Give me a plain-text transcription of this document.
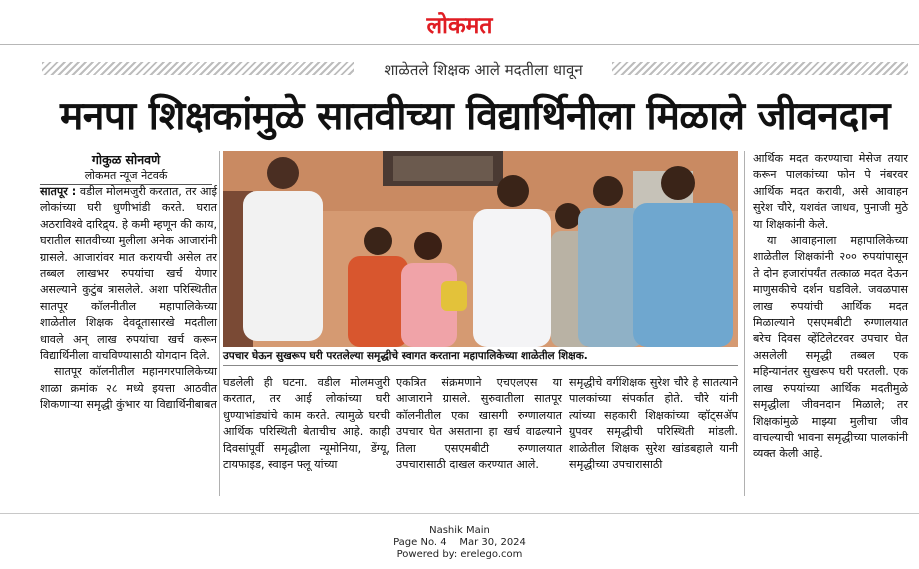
लोकमत
शाळेतले शिक्षक आले मदतीला धावून
मनपा शिक्षकांमुळे सातवीच्या विद्यार्थिनीला मिळाले जीवनदान
गोकुळ सोनवणे
लोकमत न्यूज नेटवर्क

सातपूर : वडील मोलमजुरी करतात, तर आई लोकांच्या घरी धुणीभांडी करते. घरात अठराविश्वे दारिद्र्य. हे कमी म्हणून की काय, घरातील सातवीच्या मुलीला अनेक आजारांनी ग्रासले. आजारांवर मात करायची असेल तर तब्बल लाखभर रुपयांचा खर्च येणार असल्याने कुटुंब त्रासलेले. अशा परिस्थितीत सातपूर कॉलनीतील महापालिकेच्या शाळेतील शिक्षक देवदूतासारखे मदतीला धावले अन् लाख रुपयांचा खर्च करून विद्यार्थिनीला वाचविण्यासाठी योगदान दिले.

सातपूर कॉलनीतील महानगरपालिकेच्या शाळा क्रमांक २८ मध्ये इयत्ता आठवीत शिकणाऱ्या समृद्धी कुंभार या विद्यार्थिनीबाबत

उपचार घेऊन सुखरूप घरी परतलेल्या समृद्धीचे स्वागत करताना महापालिकेच्या शाळेतील शिक्षक.

घडलेली ही घटना. वडील मोलमजुरी करतात, तर आई लोकांच्या घरी धुण्याभांड्यांचे काम करते. त्यामुळे घरची आर्थिक परिस्थिती बेताचीच आहे. काही दिवसांपूर्वी समृद्धीला न्यूमोनिया, डेंग्यू, टायफाइड, स्वाइन फ्लू यांच्या

एकत्रित संक्रमणाने एचएलएस या आजाराने ग्रासले. सुरुवातीला सातपूर कॉलनीतील एका खासगी रुग्णालयात उपचार घेत असताना हा खर्च वाढल्याने तिला एसएमबीटी रुग्णालयात उपचारासाठी दाखल करण्यात आले.

समृद्धीचे वर्गशिक्षक सुरेश चौरे हे सातत्याने पालकांच्या संपर्कात होते. चौरे यांनी त्यांच्या सहकारी शिक्षकांच्या व्हॉट्सॲप ग्रुपवर समृद्धीची परिस्थिती मांडली. शाळेतील शिक्षक सुरेश खांडबहाले यानी समृद्धीच्या उपचारासाठी

आर्थिक मदत करण्याचा मेसेज तयार करून पालकांच्या फोन पे नंबरवर आर्थिक मदत करावी, असे आवाहन सुरेश चौरे, यशवंत जाधव, पुनाजी मुठे या शिक्षकांनी केले.

या आवाहनाला महापालिकेच्या शाळेतील शिक्षकांनी २०० रुपयांपासून ते दोन हजारांपर्यंत तत्काळ मदत देऊन माणुसकीचे दर्शन घडविले. जवळपास लाख रुपयांची आर्थिक मदत मिळाल्याने एसएमबीटी रुग्णालयात बरेच दिवस व्हेंटिलेटरवर उपचार घेत असलेली समृद्धी तब्बल एक महिन्यानंतर सुखरूप घरी परतली. एक लाख रुपयांच्या आर्थिक मदतीमुळे समृद्धीला जीवनदान मिळाले; तर शिक्षकांमुळे माझ्या मुलीचा जीव वाचल्याची भावना समृद्धीच्या पालकांनी व्यक्त केली आहे.

Nashik Main
Page No. 4 Mar 30, 2024
Powered by: erelego.com
